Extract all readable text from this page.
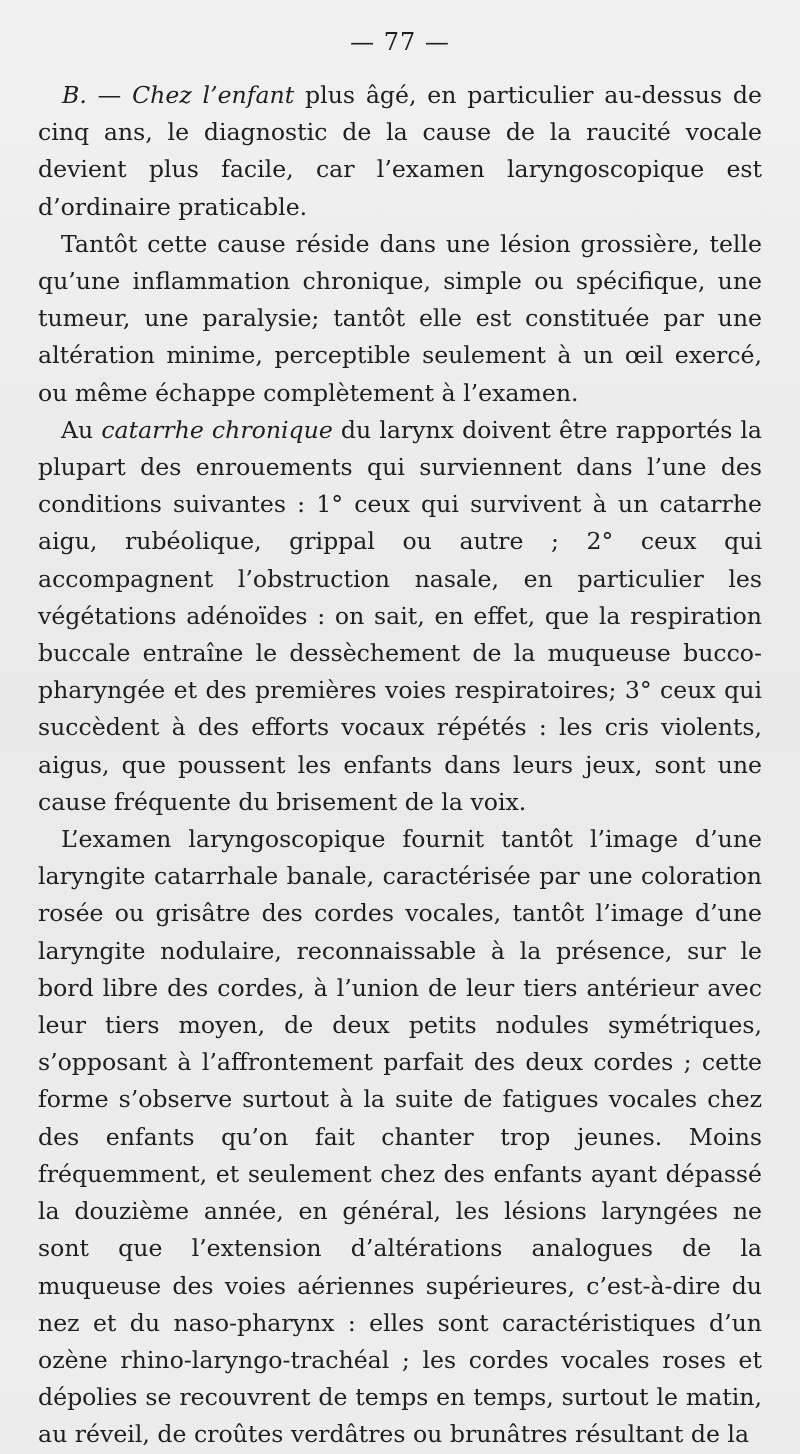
— 77 —

B. — Chez l’enfant plus âgé, en particulier au-dessus de cinq ans, le diagnostic de la cause de la raucité vocale devient plus facile, car l’examen laryngoscopique est d’ordinaire praticable.

Tantôt cette cause réside dans une lésion grossière, telle qu’une inflammation chronique, simple ou spécifique, une tumeur, une paralysie; tantôt elle est constituée par une altération minime, perceptible seulement à un œil exercé, ou même échappe complètement à l’examen.

Au catarrhe chronique du larynx doivent être rapportés la plupart des enrouements qui surviennent dans l’une des conditions suivantes : 1° ceux qui survivent à un catarrhe aigu, rubéolique, grippal ou autre ; 2° ceux qui accompagnent l’obstruction nasale, en particulier les végétations adénoïdes : on sait, en effet, que la respiration buccale entraîne le dessèchement de la muqueuse bucco-pharyngée et des premières voies respiratoires; 3° ceux qui succèdent à des efforts vocaux répétés : les cris violents, aigus, que poussent les enfants dans leurs jeux, sont une cause fréquente du brisement de la voix.

L’examen laryngoscopique fournit tantôt l’image d’une laryngite catarrhale banale, caractérisée par une coloration rosée ou grisâtre des cordes vocales, tantôt l’image d’une laryngite nodulaire, reconnaissable à la présence, sur le bord libre des cordes, à l’union de leur tiers antérieur avec leur tiers moyen, de deux petits nodules symétriques, s’opposant à l’affrontement parfait des deux cordes ; cette forme s’observe surtout à la suite de fatigues vocales chez des enfants qu’on fait chanter trop jeunes. Moins fréquemment, et seulement chez des enfants ayant dépassé la douzième année, en général, les lésions laryngées ne sont que l’extension d’altérations analogues de la muqueuse des voies aériennes supérieures, c’est-à-dire du nez et du naso-pharynx : elles sont caractéristiques d’un ozène rhino-laryngo-trachéal ; les cordes vocales roses et dépolies se recouvrent de temps en temps, surtout le matin, au réveil, de croûtes verdâtres ou brunâtres résultant de la
